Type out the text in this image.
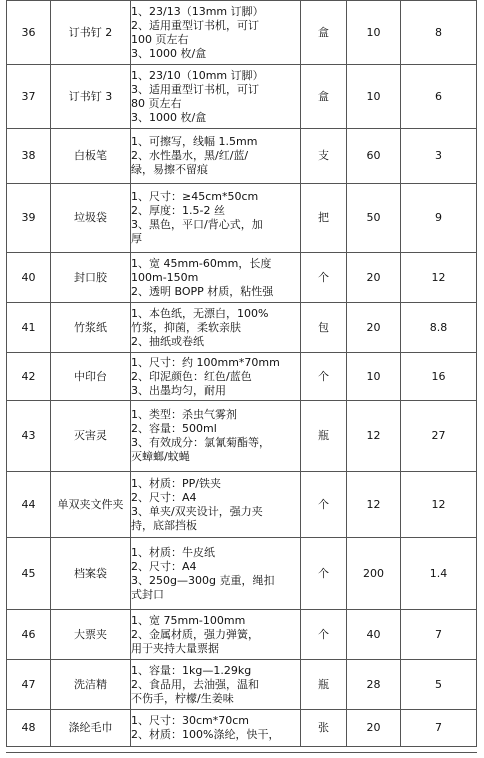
36	订书钉 2	1、23/13（13mm 订脚）
2、适用重型订书机，可订
100 页左右
3、1000 枚/盒	盒	10	8
37	订书钉 3	1、23/10（10mm 订脚）
3、适用重型订书机，可订
80 页左右
3、1000 枚/盒	盒	10	6
38	白板笔	1、可擦写，线幅 1.5mm
2、水性墨水，黑/红/蓝/
绿，易擦不留痕	支	60	3
39	垃圾袋	1、尺寸：≥45cm*50cm
2、厚度：1.5-2 丝
3、黑色，平口/背心式，加
厚	把	50	9
40	封口胶	1、宽 45mm-60mm，长度
100m-150m
2、透明 BOPP 材质，粘性强	个	20	12
41	竹浆纸	1、本色纸，无漂白，100%
竹浆，抑菌，柔软亲肤
2、抽纸或卷纸	包	20	8.8
42	中印台	1、尺寸：约 100mm*70mm
2、印泥颜色：红色/蓝色
3、出墨均匀，耐用	个	10	16
43	灭害灵	1、类型：杀虫气雾剂
2、容量：500ml
3、有效成分：氯氰菊酯等，
灭蟑螂/蚊蝇	瓶	12	27
44	单双夹文件夹	1、材质：PP/铁夹
2、尺寸：A4
3、单夹/双夹设计，强力夹
持，底部挡板	个	12	12
45	档案袋	1、材质：牛皮纸
2、尺寸：A4
3、250g—300g 克重，绳扣
式封口	个	200	1.4
46	大票夹	1、宽 75mm-100mm
2、金属材质，强力弹簧，
用于夹持大量票据	个	40	7
47	洗洁精	1、容量：1kg—1.29kg
2、食品用，去油强，温和
不伤手，柠檬/生姜味	瓶	28	5
48	涤纶毛巾	1、尺寸：30cm*70cm
2、材质：100%涤纶，快干，	张	20	7
